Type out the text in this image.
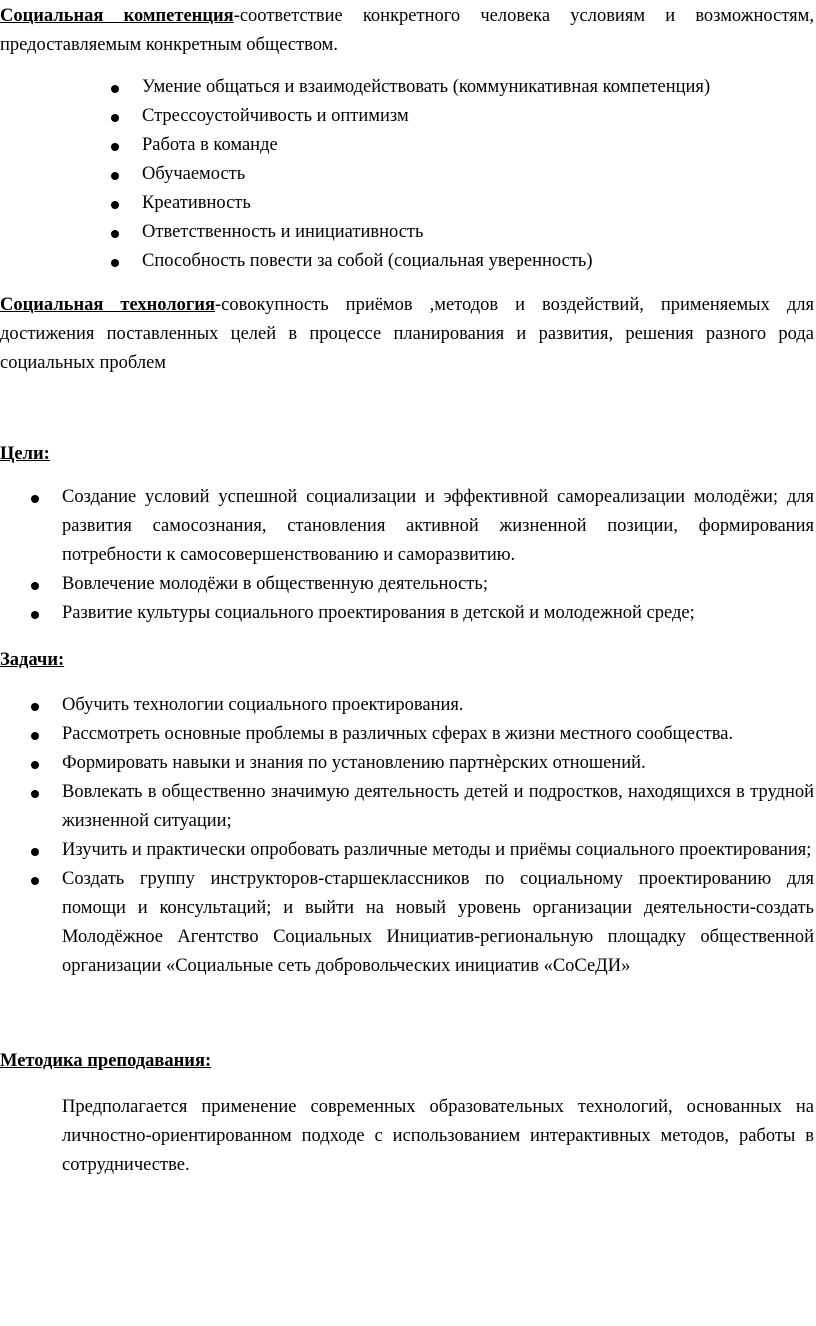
Социальная компетенция-соответствие конкретного человека условиям и возможностям, предоставляемым конкретным обществом.

Умение общаться и взаимодействовать (коммуникативная компетенция)
Стрессоустойчивость и оптимизм
Работа в команде
Обучаемость
Креативность
Ответственность и инициативность
Способность повести за собой (социальная уверенность)

Социальная технология-совокупность приёмов ,методов и воздействий, применяемых для достижения поставленных целей в процессе планирования и развития, решения разного рода социальных проблем

Цели:

Создание условий успешной социализации и эффективной самореализации молодёжи; для развития самосознания, становления активной жизненной позиции, формирования потребности к самосовершенствованию и саморазвитию.
Вовлечение молодёжи в общественную деятельность;
Развитие культуры социального проектирования в детской и молодежной среде;

Задачи:

Обучить технологии социального проектирования.
Рассмотреть основные проблемы в различных сферах в жизни местного сообщества.
Формировать навыки и знания по установлению партнѐрских отношений.
Вовлекать в общественно значимую деятельность детей и подростков, находящихся в трудной жизненной ситуации;
Изучить и практически опробовать различные методы и приёмы социального проектирования;
Создать группу инструкторов-старшеклассников по социальному проектированию для помощи и консультаций; и выйти на новый уровень организации деятельности-создать Молодёжное Агентство Социальных Инициатив-региональную площадку общественной организации «Социальные сеть добровольческих инициатив «СоСеДИ»

Методика преподавания:

Предполагается применение современных образовательных технологий, основанных на личностно-ориентированном подходе с использованием интерактивных методов, работы в сотрудничестве.
